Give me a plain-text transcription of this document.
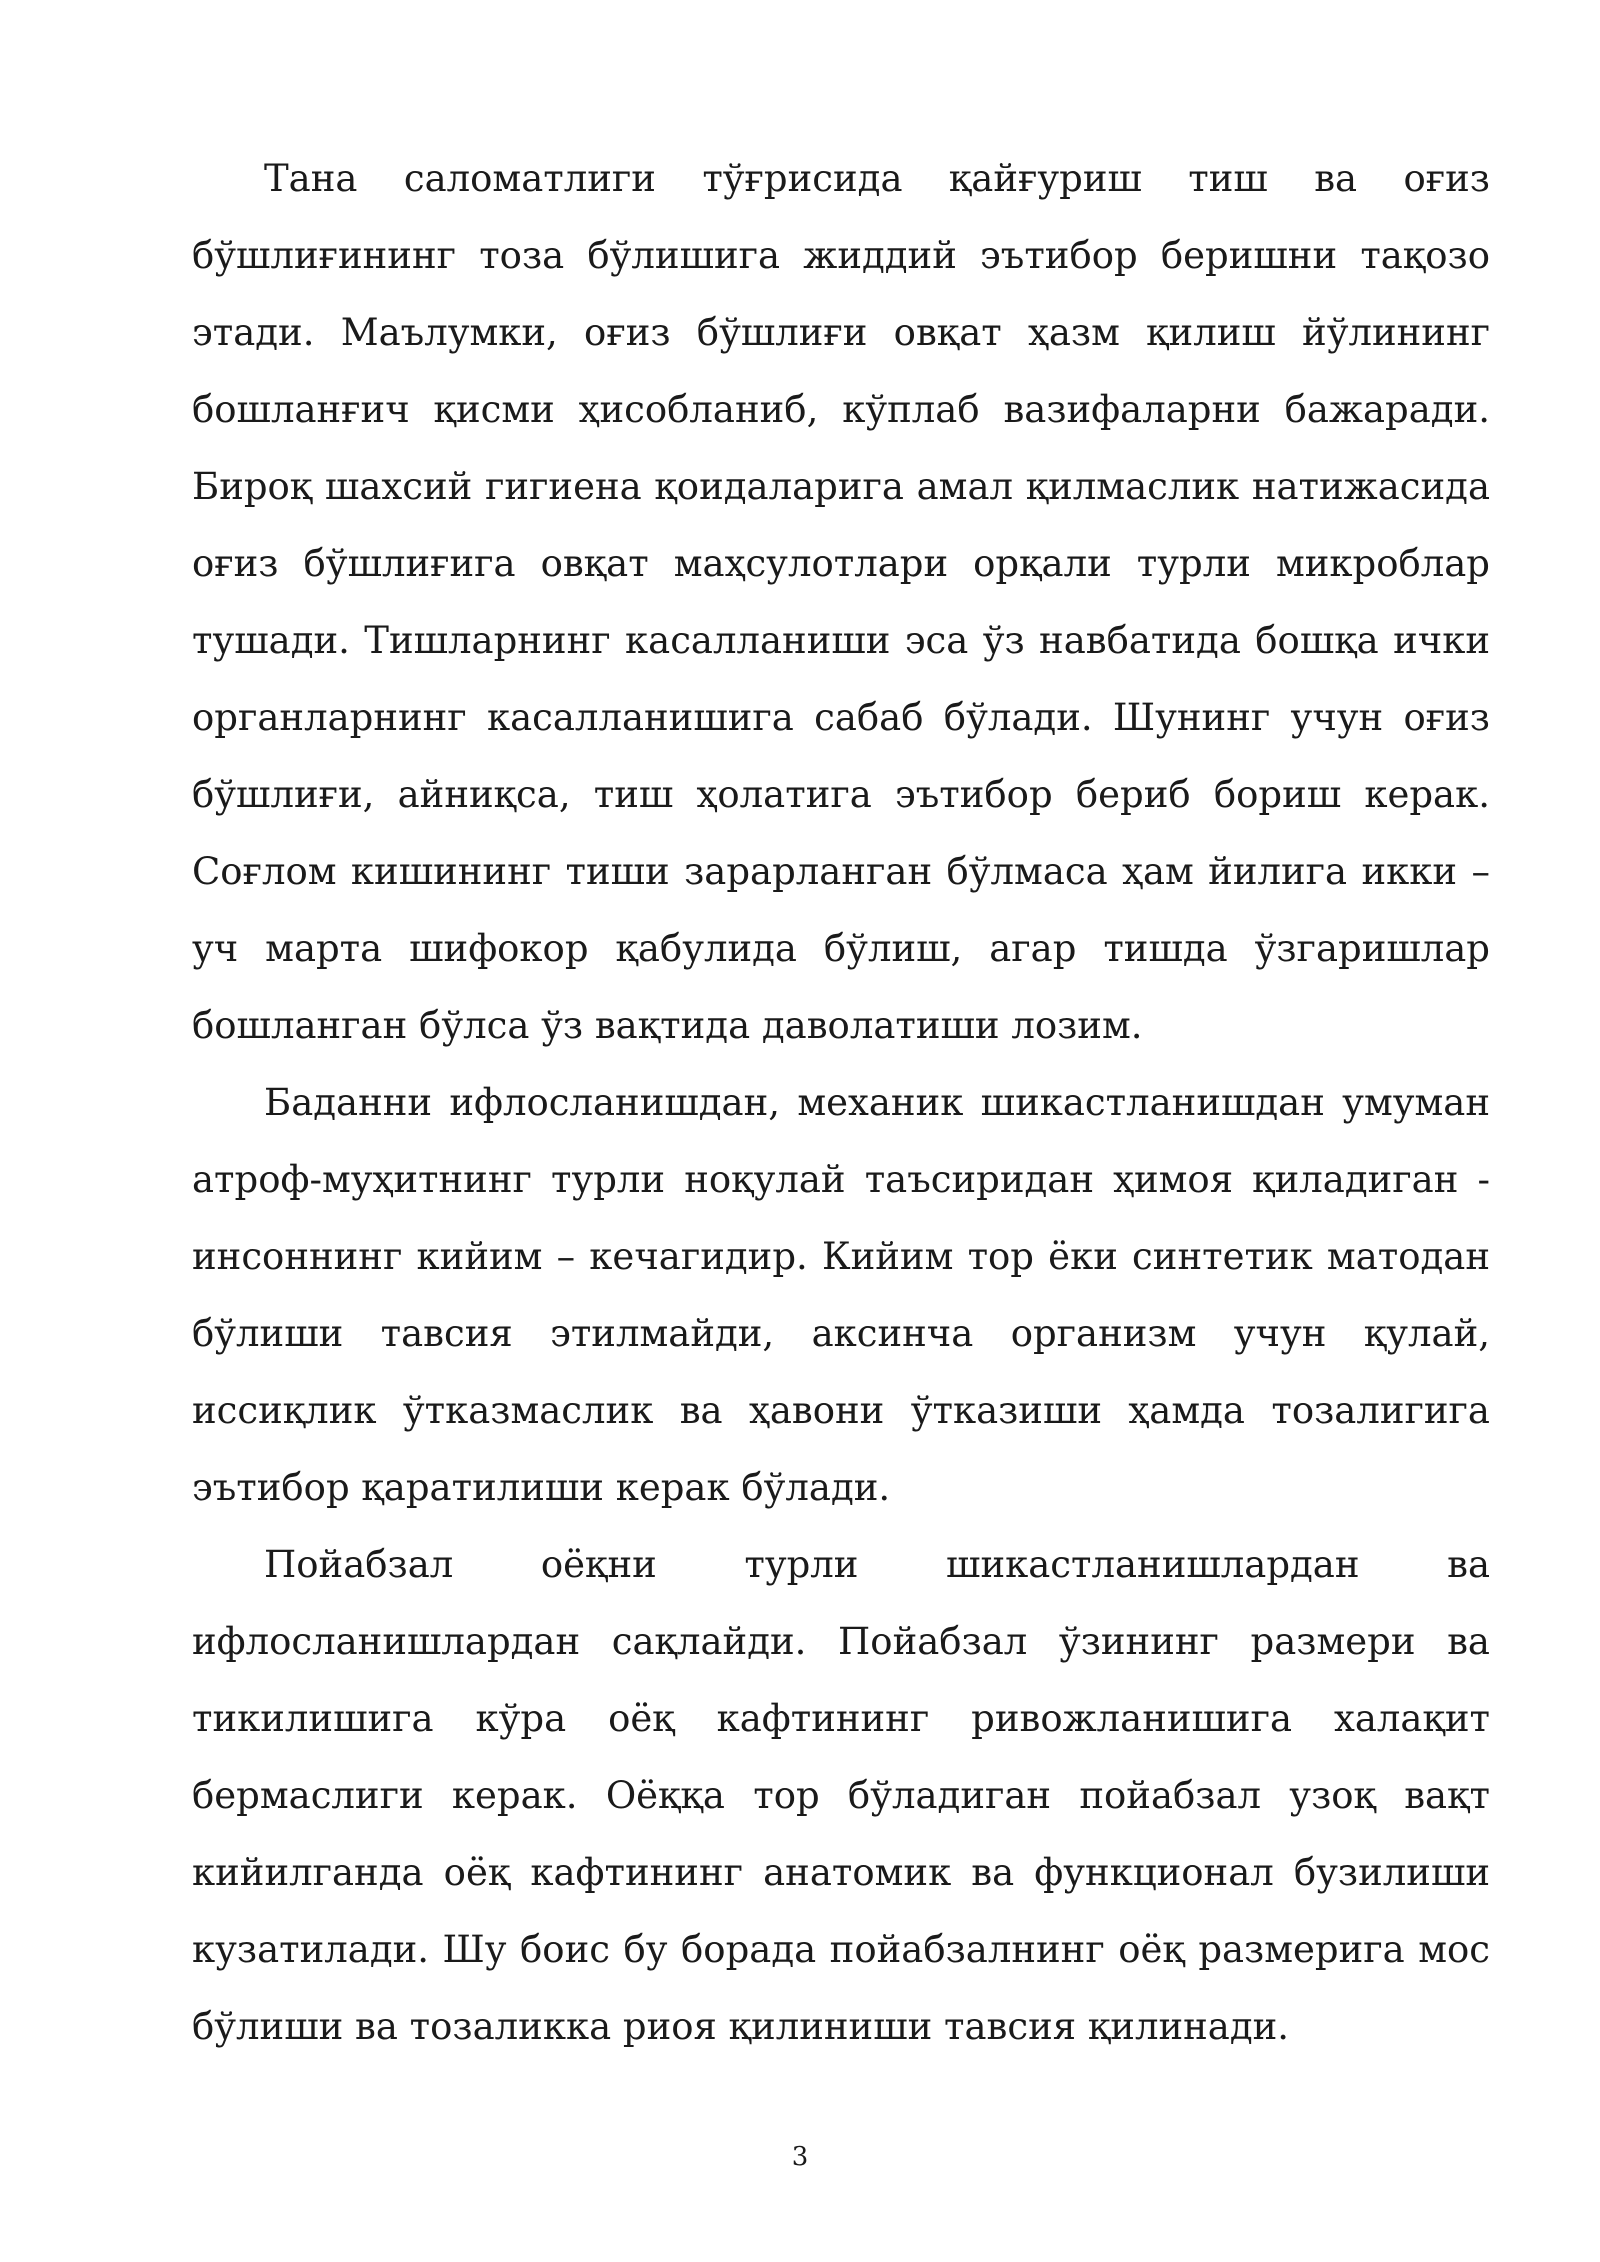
Тана саломатлиги тўғрисида қайғуриш тиш ва оғиз бўшлиғининг тоза бўлишига жиддий эътибор беришни тақозо этади. Маълумки, оғиз бўшлиғи овқат ҳазм қилиш йўлининг бошланғич қисми ҳисобланиб, кўплаб вазифаларни бажаради. Бироқ шахсий гигиена қоидаларига амал қилмаслик натижасида оғиз бўшлиғига овқат маҳсулотлари орқали турли микроблар тушади. Тишларнинг касалланиши эса ўз навбатида бошқа ички органларнинг касалланишига сабаб бўлади. Шунинг учун оғиз бўшлиғи, айниқса, тиш ҳолатига эътибор бериб бориш керак. Соғлом кишининг тиши зарарланган бўлмаса ҳам йилига икки – уч марта шифокор қабулида бўлиш, агар тишда ўзгаришлар бошланган бўлса ўз вақтида даволатиши лозим.

Баданни ифлосланишдан, механик шикастланишдан умуман атроф-муҳитнинг турли ноқулай таъсиридан ҳимоя қиладиган - инсоннинг кийим – кечагидир. Кийим тор ёки синтетик матодан бўлиши тавсия этилмайди, аксинча организм учун қулай, иссиқлик ўтказмаслик ва ҳавони ўтказиши ҳамда тозалигига эътибор қаратилиши керак бўлади.

Пойабзал оёқни турли шикастланишлардан ва ифлосланишлардан сақлайди. Пойабзал ўзининг размери ва тикилишига кўра оёқ кафтининг ривожланишига халақит бермаслиги керак. Оёққа тор бўладиган пойабзал узоқ вақт кийилганда оёқ кафтининг анатомик ва функционал бузилиши кузатилади. Шу боис бу борада пойабзалнинг оёқ размерига мос бўлиши ва тозаликка риоя қилиниши тавсия қилинади.

3
